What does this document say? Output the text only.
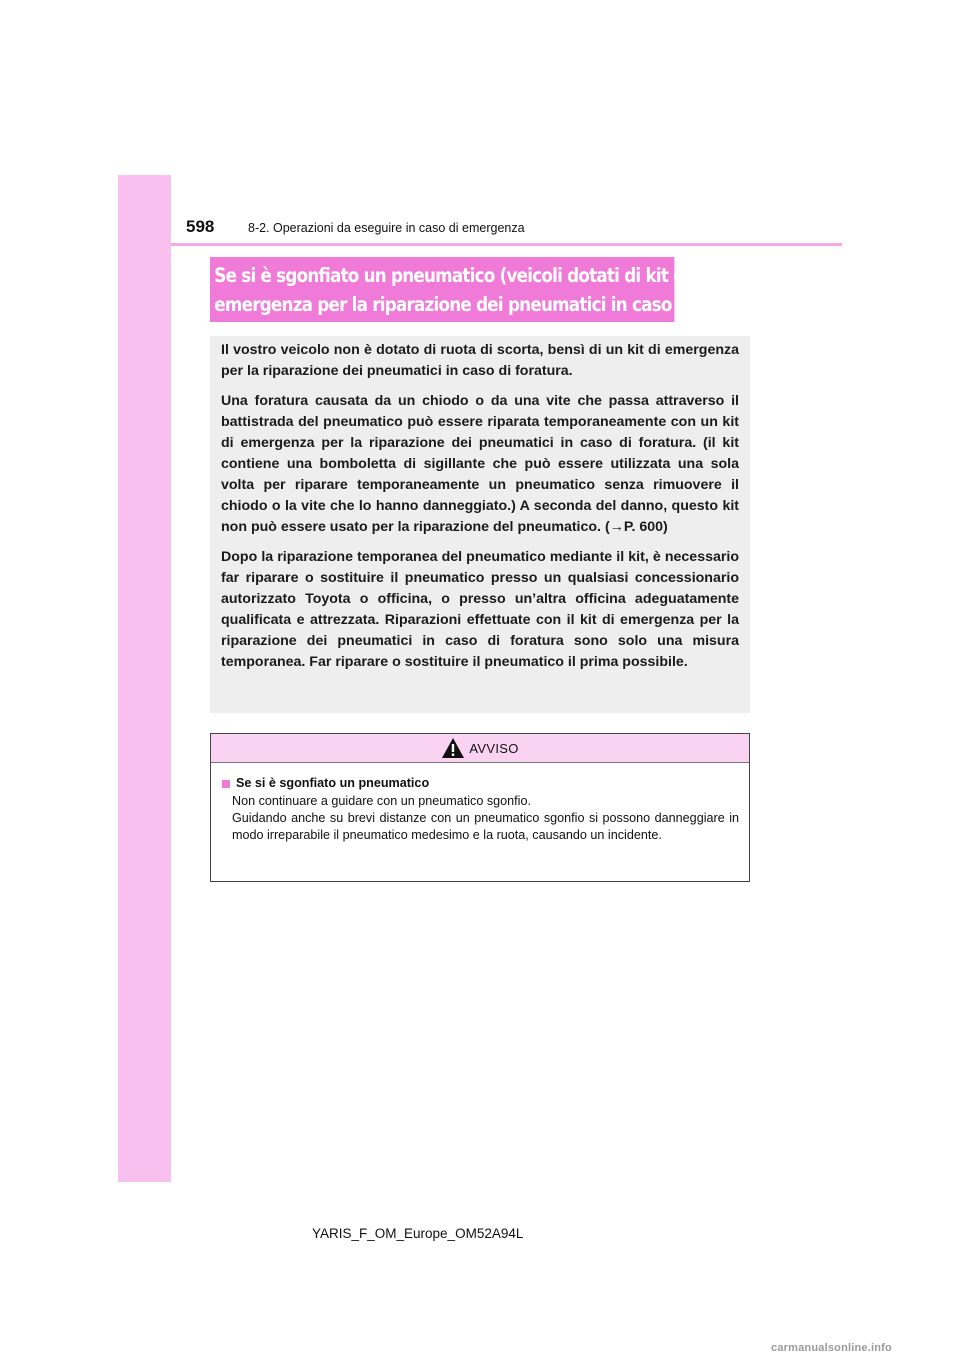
598	8-2. Operazioni da eseguire in caso di emergenza
Se si è sgonfiato un pneumatico (veicoli dotati di kit di
emergenza per la riparazione dei pneumatici in caso di foratura)

Il vostro veicolo non è dotato di ruota di scorta, bensì di un kit di emergenza per la riparazione dei pneumatici in caso di foratura.

Una foratura causata da un chiodo o da una vite che passa attraverso il battistrada del pneumatico può essere riparata temporaneamente con un kit di emergenza per la riparazione dei pneumatici in caso di foratura. (il kit contiene una bomboletta di sigillante che può essere utilizzata una sola volta per riparare temporaneamente un pneumatico senza rimuovere il chiodo o la vite che lo hanno danneggiato.) A seconda del danno, questo kit non può essere usato per la riparazione del pneumatico. (→P. 600)

Dopo la riparazione temporanea del pneumatico mediante il kit, è necessario far riparare o sostituire il pneumatico presso un qualsiasi concessionario autorizzato Toyota o officina, o presso un’altra officina adeguatamente qualificata e attrezzata. Riparazioni effettuate con il kit di emergenza per la riparazione dei pneumatici in caso di foratura sono solo una misura temporanea. Far riparare o sostituire il pneumatico il prima possibile.

AVVISO
Se si è sgonfiato un pneumatico
Non continuare a guidare con un pneumatico sgonfio.
Guidando anche su brevi distanze con un pneumatico sgonfio si possono danneggiare in modo irreparabile il pneumatico medesimo e la ruota, causando un incidente.
YARIS_F_OM_Europe_OM52A94L
carmanualsonline.info
